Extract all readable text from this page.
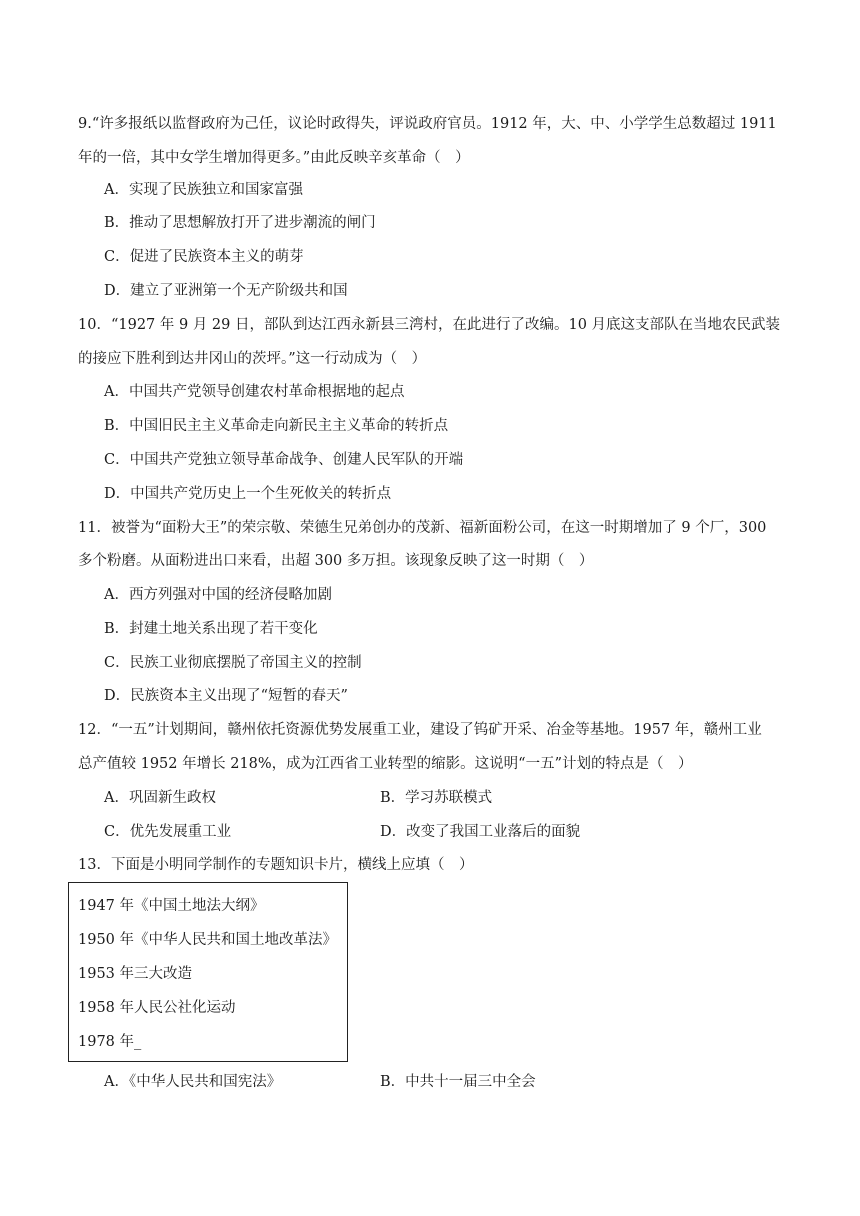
9.“许多报纸以监督政府为己任，议论时政得失，评说政府官员。1912 年，大、中、小学学生总数超过 1911
年的一倍，其中女学生增加得更多。”由此反映辛亥革命（　）
A．实现了民族独立和国家富强
B．推动了思想解放打开了进步潮流的闸门
C．促进了民族资本主义的萌芽
D．建立了亚洲第一个无产阶级共和国
10．“1927 年 9 月 29 日，部队到达江西永新县三湾村，在此进行了改编。10 月底这支部队在当地农民武装
的接应下胜利到达井冈山的茨坪。”这一行动成为（　）
A．中国共产党领导创建农村革命根据地的起点
B．中国旧民主主义革命走向新民主主义革命的转折点
C．中国共产党独立领导革命战争、创建人民军队的开端
D．中国共产党历史上一个生死攸关的转折点
11．被誉为“面粉大王”的荣宗敬、荣德生兄弟创办的茂新、福新面粉公司，在这一时期增加了 9 个厂，300
多个粉磨。从面粉进出口来看，出超 300 多万担。该现象反映了这一时期（　）
A．西方列强对中国的经济侵略加剧
B．封建土地关系出现了若干变化
C．民族工业彻底摆脱了帝国主义的控制
D．民族资本主义出现了“短暂的春天”
12．“一五”计划期间，赣州依托资源优势发展重工业，建设了钨矿开采、冶金等基地。1957 年，赣州工业
总产值较 1952 年增长 218%，成为江西省工业转型的缩影。这说明“一五”计划的特点是（　）
A．巩固新生政权	B．学习苏联模式
C．优先发展重工业	D．改变了我国工业落后的面貌
13．下面是小明同学制作的专题知识卡片，横线上应填（　）
1947 年《中国土地法大纲》
1950 年《中华人民共和国土地改革法》
1953 年三大改造
1958 年人民公社化运动
1978 年_
A．《中华人民共和国宪法》	B．中共十一届三中全会
